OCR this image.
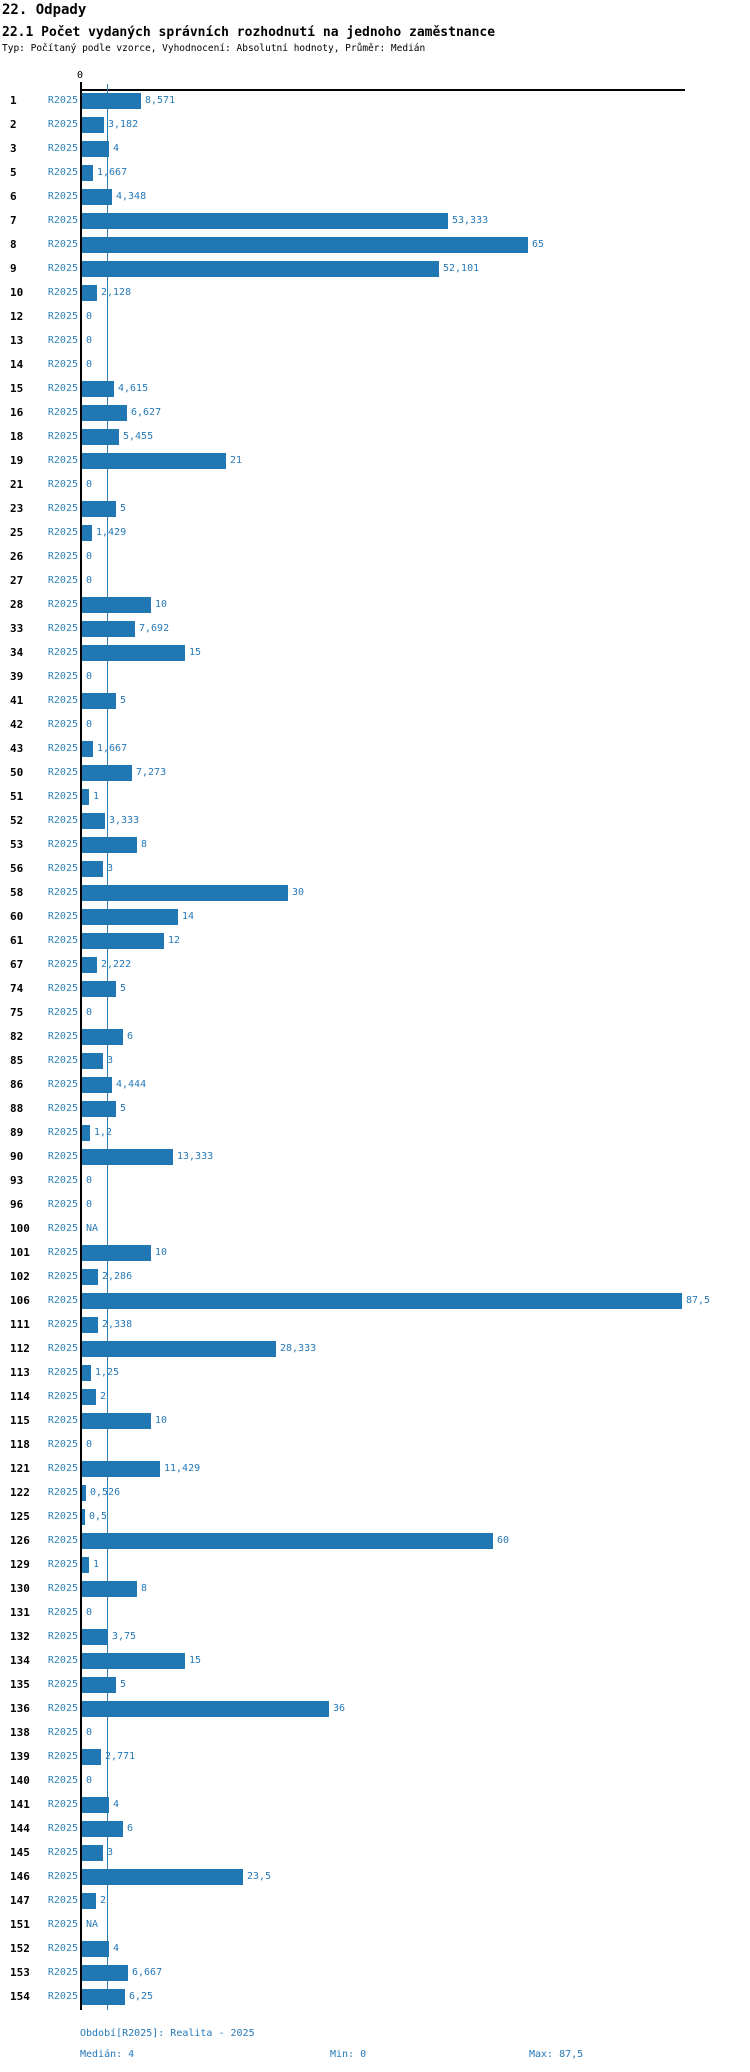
22. Odpady
22.1 Počet vydaných správních rozhodnutí na jednoho zaměstnance
Typ: Počítaný podle vzorce, Vyhodnocení: Absolutní hodnoty, Průměr: Medián
0
1	R2025	8,571
2	R2025	3,182
3	R2025	4
5	R2025 1,667
6	R2025	4,348
7	R2025	53,333
8	R2025	65
9	R2025	52,101
10	R2025 2,128
12	R2025 0
13	R2025 0
14	R2025 0
15	R2025	4,615
16	R2025	6,627
18	R2025	5,455
19	R2025	21
21	R2025 0
23	R2025	5
25	R2025 1,429
26	R2025 0
27	R2025 0
28	R2025	10
33	R2025	7,692
34	R2025	15
39	R2025 0
41	R2025	5
42	R2025 0
43	R2025 1,667
50	R2025	7,273
51	R2025 1
52	R2025	3,333
53	R2025	8
56	R2025	3
58	R2025	30
60	R2025	14
61	R2025	12
67	R2025 2,222
74	R2025	5
75	R2025 0
82	R2025	6
85	R2025	3
86	R2025	4,444
88	R2025	5
89	R2025 1,2
90	R2025	13,333
93	R2025 0
96	R2025 0
100	R2025 NA
101	R2025	10
102	R2025 2,286
106	R2025	87,5
111	R2025 2,338
112	R2025	28,333
113	R2025 1,25
114	R2025 2
115	R2025	10
118	R2025 0
121	R2025	11,429
122	R2025 0,526
125	R2025 0,5
126	R2025	60
129	R2025 1
130	R2025	8
131	R2025 0
132	R2025	3,75
134	R2025	15
135	R2025	5
136	R2025	36
138	R2025 0
139	R2025	2,771
140	R2025 0
141	R2025	4
144	R2025	6
145	R2025	3
146	R2025	23,5
147	R2025 2
151	R2025 NA
152	R2025	4
153	R2025	6,667
154	R2025	6,25
Období[R2025]: Realita - 2025
Medián: 4	Min: 0	Max: 87,5
